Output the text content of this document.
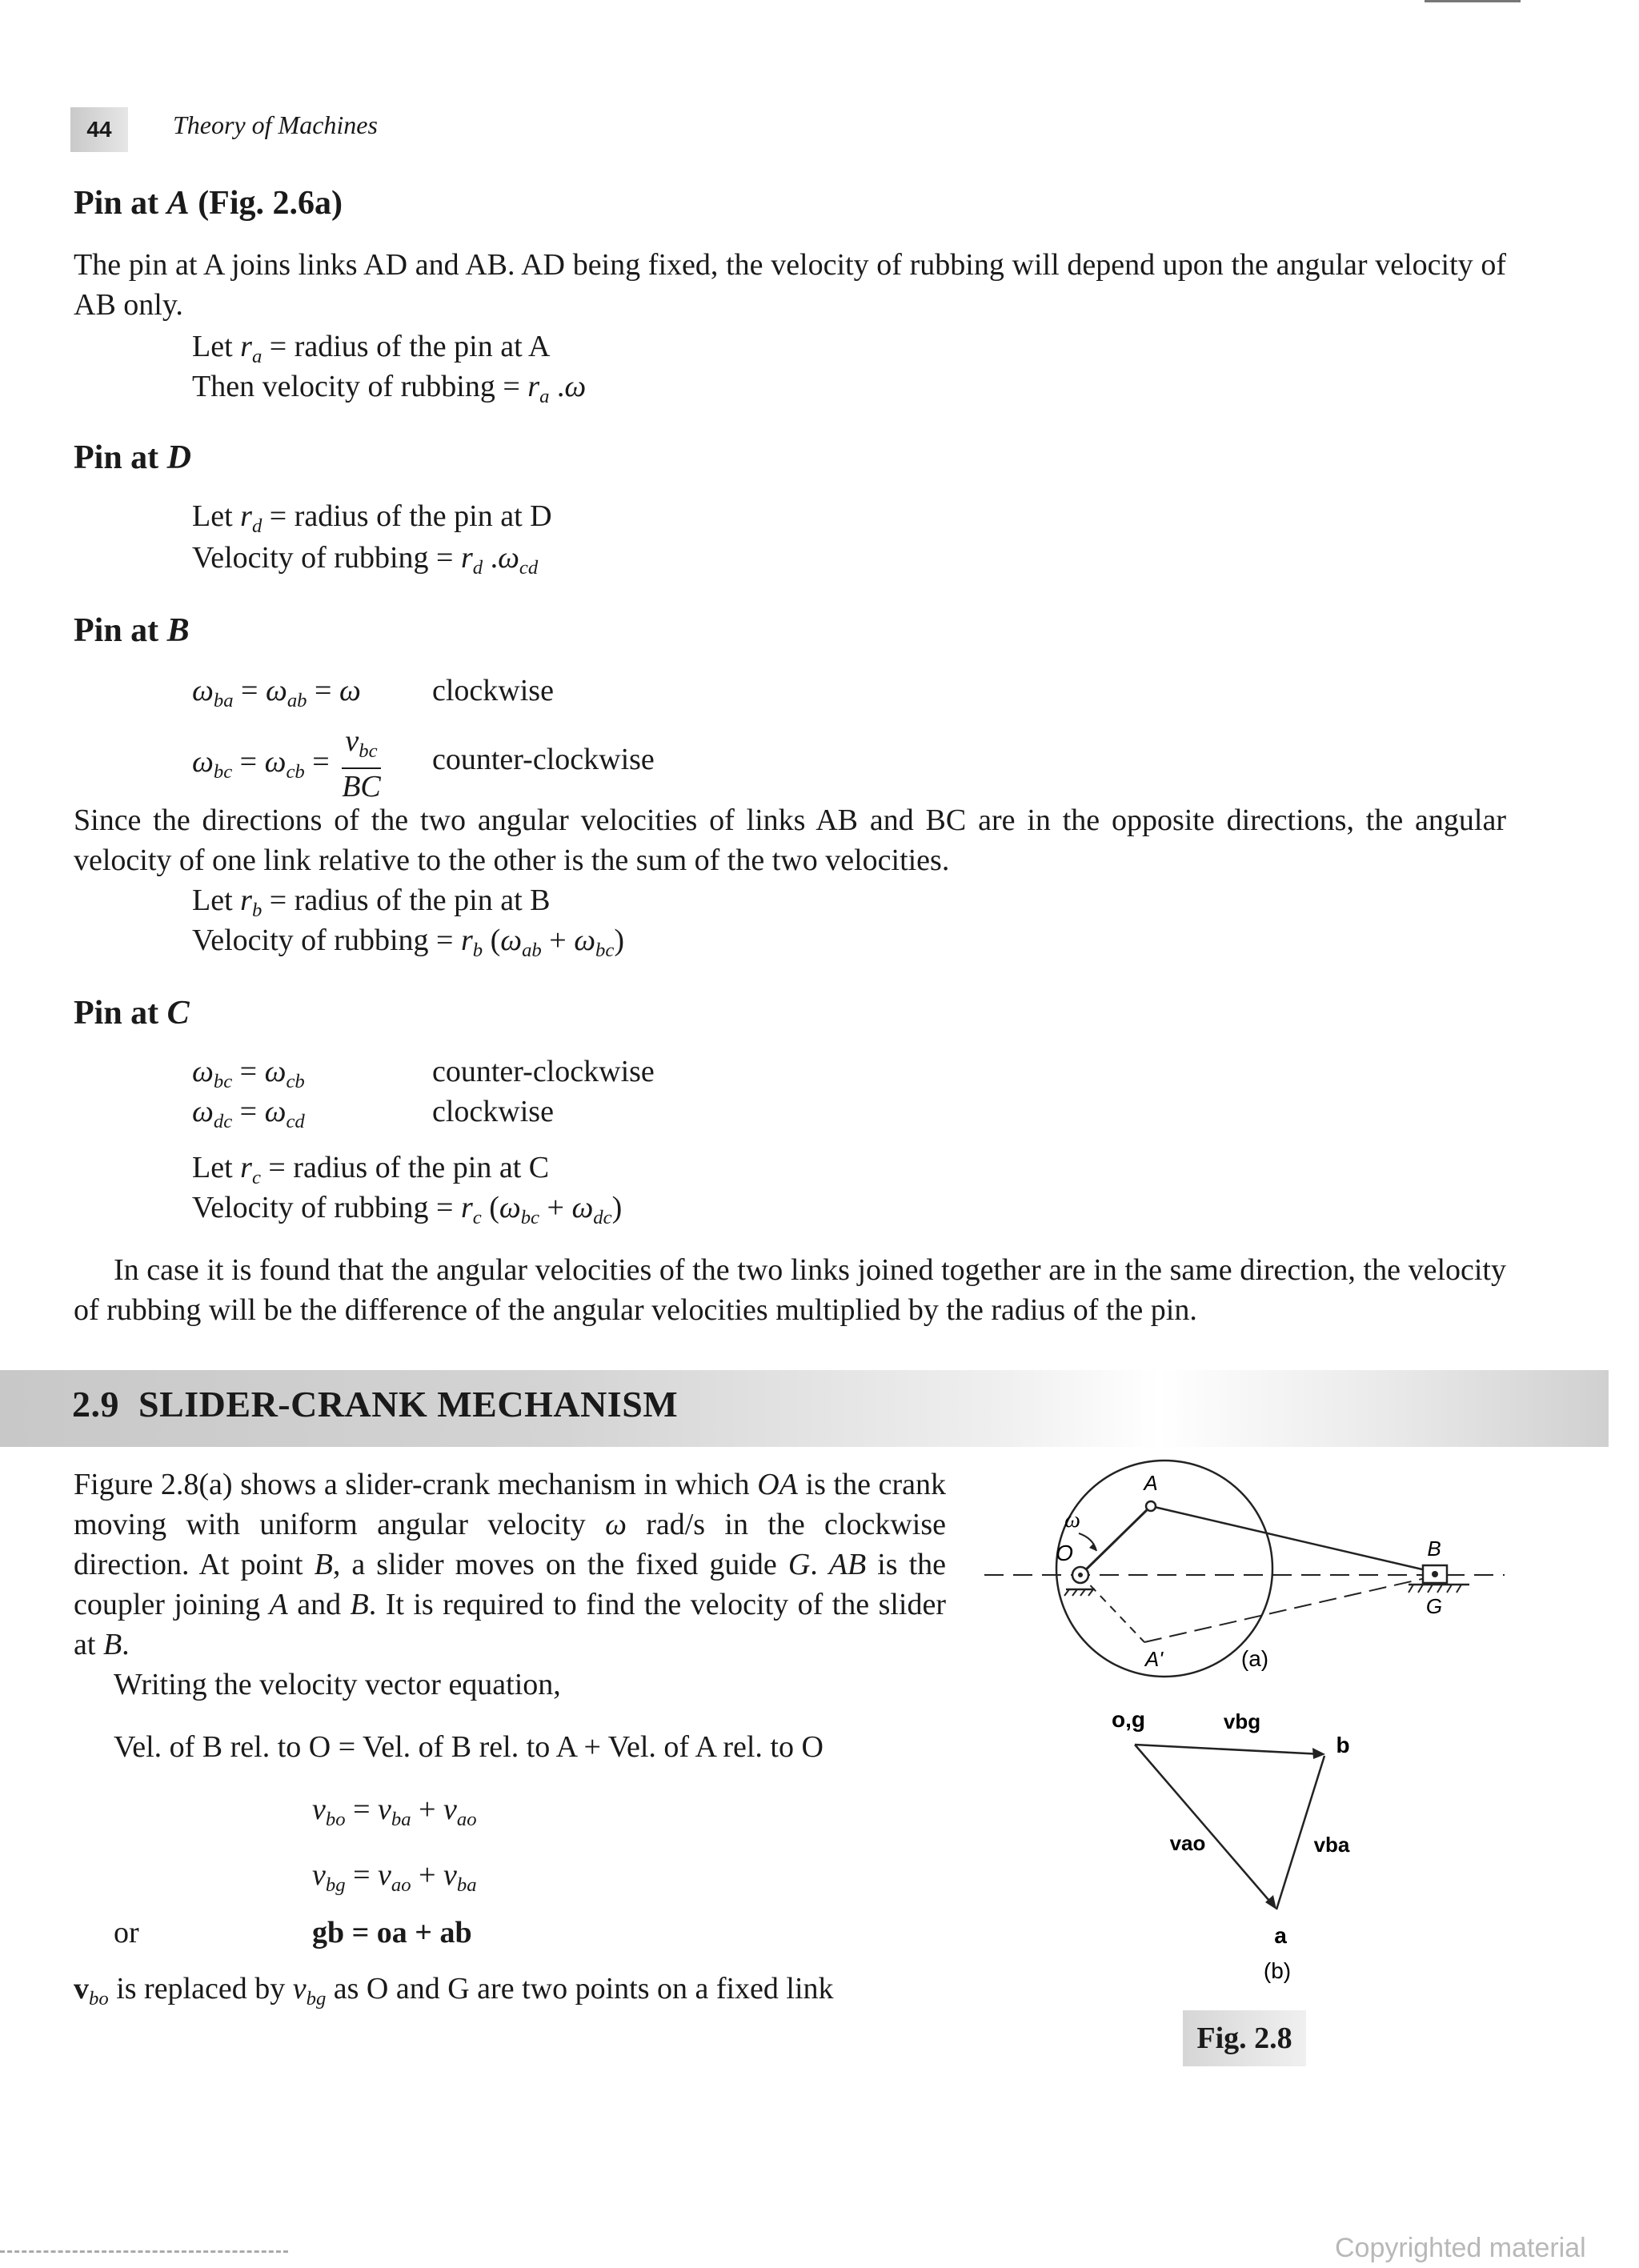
44	Theory of Machines
Pin at A (Fig. 2.6a)
The pin at A joins links AD and AB. AD being fixed, the velocity of rubbing will depend upon the angular velocity of AB only.
Let $r_a$ = radius of the pin at A
Then velocity of rubbing = $r_a$ .ω
Pin at D
Let $r_d$ = radius of the pin at D
Velocity of rubbing = $r_d$ $.\omega_{cd}$
Pin at B
$\omega_{ba} = \omega_{ab} = \omega$ clockwise
$\omega_{bc} = \omega_{cb} = \frac{v_{bc}}{BC}$ counter-clockwise
Since the directions of the two angular velocities of links AB and BC are in the opposite directions, the angular velocity of one link relative to the other is the sum of the two velocities.
Let $r_b$ = radius of the pin at B
Velocity of rubbing = $r_b$ $(\omega_{ab} + \omega_{bc})$
Pin at C
$\omega_{bc} = \omega_{cb}$	counter-clockwise
$\omega_{dc} = \omega_{cd}$	clockwise
Let $r_c$ = radius of the pin at C
Velocity of rubbing = $r_c$ $(\omega_{bc} + \omega_{dc})$
In case it is found that the angular velocities of the two links joined together are in the same direction, the velocity of rubbing will be the difference of the angular velocities multiplied by the radius of the pin.
2.9 SLIDER-CRANK MECHANISM
Figure 2.8(a) shows a slider-crank mechanism in which OA is the crank moving with uniform angular velocity ω rad/s in the clockwise direction. At point B, a slider moves on the fixed guide G. AB is the coupler joining A and B. It is required to find the velocity of the slider at B.
Writing the velocity vector equation,
Vel. of B rel. to O = Vel. of B rel. to A + Vel. of A rel. to O
$v_{bo} = v_{ba} + v_{ao}$
$v_{bg} = v_{ao} + v_{ba}$
or	gb = oa + ab
$v_{bo}$ is replaced by $v_{bg}$ as O and G are two points on a fixed link
A
ω
O
A'
B
G
(a)
o,g	vbg
b
vao	vba
a
(b)
Fig. 2.8
Copyrighted material
